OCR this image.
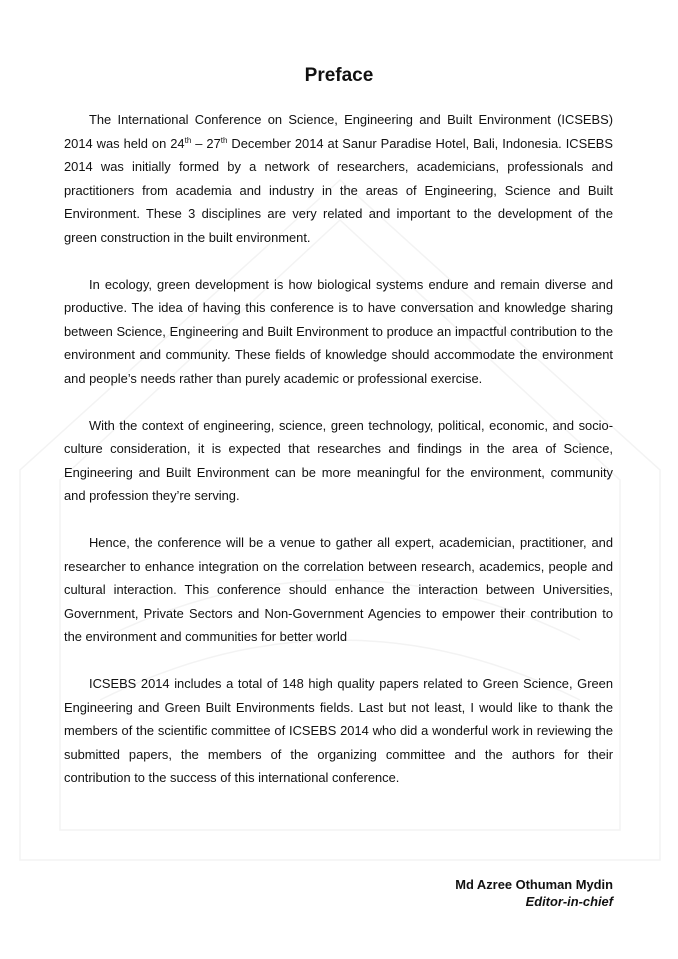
Preface

The International Conference on Science, Engineering and Built Environment (ICSEBS) 2014 was held on 24th – 27th December 2014 at Sanur Paradise Hotel, Bali, Indonesia. ICSEBS 2014 was initially formed by a network of researchers, academicians, professionals and practitioners from academia and industry in the areas of Engineering, Science and Built Environment. These 3 disciplines are very related and important to the development of the green construction in the built environment.

In ecology, green development is how biological systems endure and remain diverse and productive. The idea of having this conference is to have conversation and knowledge sharing between Science, Engineering and Built Environment to produce an impactful contribution to the environment and community. These fields of knowledge should accommodate the environment and people’s needs rather than purely academic or professional exercise.

With the context of engineering, science, green technology, political, economic, and socio-culture consideration, it is expected that researches and findings in the area of Science, Engineering and Built Environment can be more meaningful for the environment, community and profession they’re serving.

Hence, the conference will be a venue to gather all expert, academician, practitioner, and researcher to enhance integration on the correlation between research, academics, people and cultural interaction. This conference should enhance the interaction between Universities, Government, Private Sectors and Non-Government Agencies to empower their contribution to the environment and communities for better world

ICSEBS 2014 includes a total of 148 high quality papers related to Green Science, Green Engineering and Green Built Environments fields. Last but not least, I would like to thank the members of the scientific committee of ICSEBS 2014 who did a wonderful work in reviewing the submitted papers, the members of the organizing committee and the authors for their contribution to the success of this international conference.

Md Azree Othuman Mydin
Editor-in-chief
